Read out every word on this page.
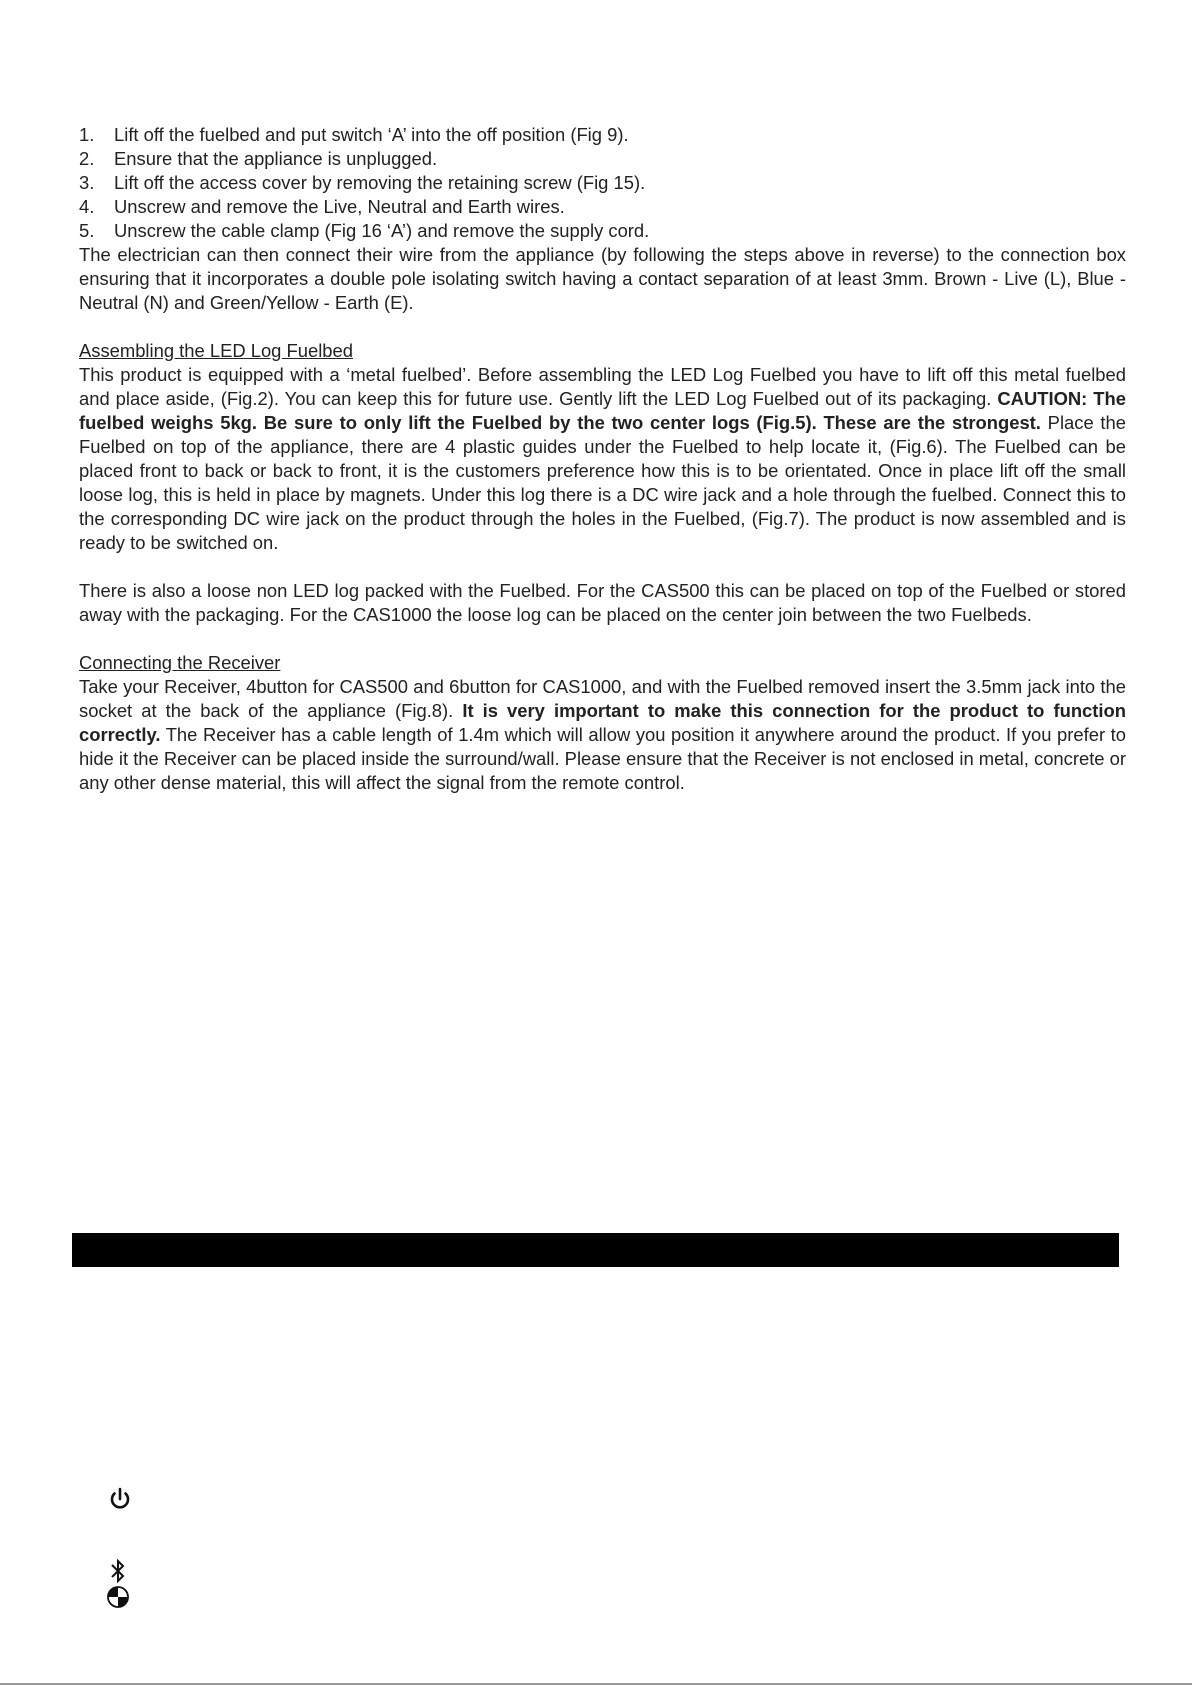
1. Lift off the fuelbed and put switch ‘A’ into the off position (Fig 9).
2. Ensure that the appliance is unplugged.
3. Lift off the access cover by removing the retaining screw (Fig 15).
4. Unscrew and remove the Live, Neutral and Earth wires.
5. Unscrew the cable clamp (Fig 16 ‘A’) and remove the supply cord.

The electrician can then connect their wire from the appliance (by following the steps above in reverse) to the connection box ensuring that it incorporates a double pole isolating switch having a contact separation of at least 3mm. Brown - Live (L), Blue - Neutral (N) and Green/Yellow - Earth (E).

Assembling the LED Log Fuelbed

This product is equipped with a ‘metal fuelbed’. Before assembling the LED Log Fuelbed you have to lift off this metal fuelbed and place aside, (Fig.2). You can keep this for future use. Gently lift the LED Log Fuelbed out of its packaging. CAUTION: The fuelbed weighs 5kg. Be sure to only lift the Fuelbed by the two center logs (Fig.5). These are the strongest. Place the Fuelbed on top of the appliance, there are 4 plastic guides under the Fuelbed to help locate it, (Fig.6). The Fuelbed can be placed front to back or back to front, it is the customers preference how this is to be orientated. Once in place lift off the small loose log, this is held in place by magnets. Under this log there is a DC wire jack and a hole through the fuelbed. Connect this to the corresponding DC wire jack on the product through the holes in the Fuelbed, (Fig.7). The product is now assembled and is ready to be switched on.

There is also a loose non LED log packed with the Fuelbed. For the CAS500 this can be placed on top of the Fuelbed or stored away with the packaging. For the CAS1000 the loose log can be placed on the center join between the two Fuelbeds.

Connecting the Receiver

Take your Receiver, 4button for CAS500 and 6button for CAS1000, and with the Fuelbed removed insert the 3.5mm jack into the socket at the back of the appliance (Fig.8). It is very important to make this connection for the product to function correctly. The Receiver has a cable length of 1.4m which will allow you position it anywhere around the product. If you prefer to hide it the Receiver can be placed inside the surround/wall. Please ensure that the Receiver is not enclosed in metal, concrete or any other dense material, this will affect the signal from the remote control.
